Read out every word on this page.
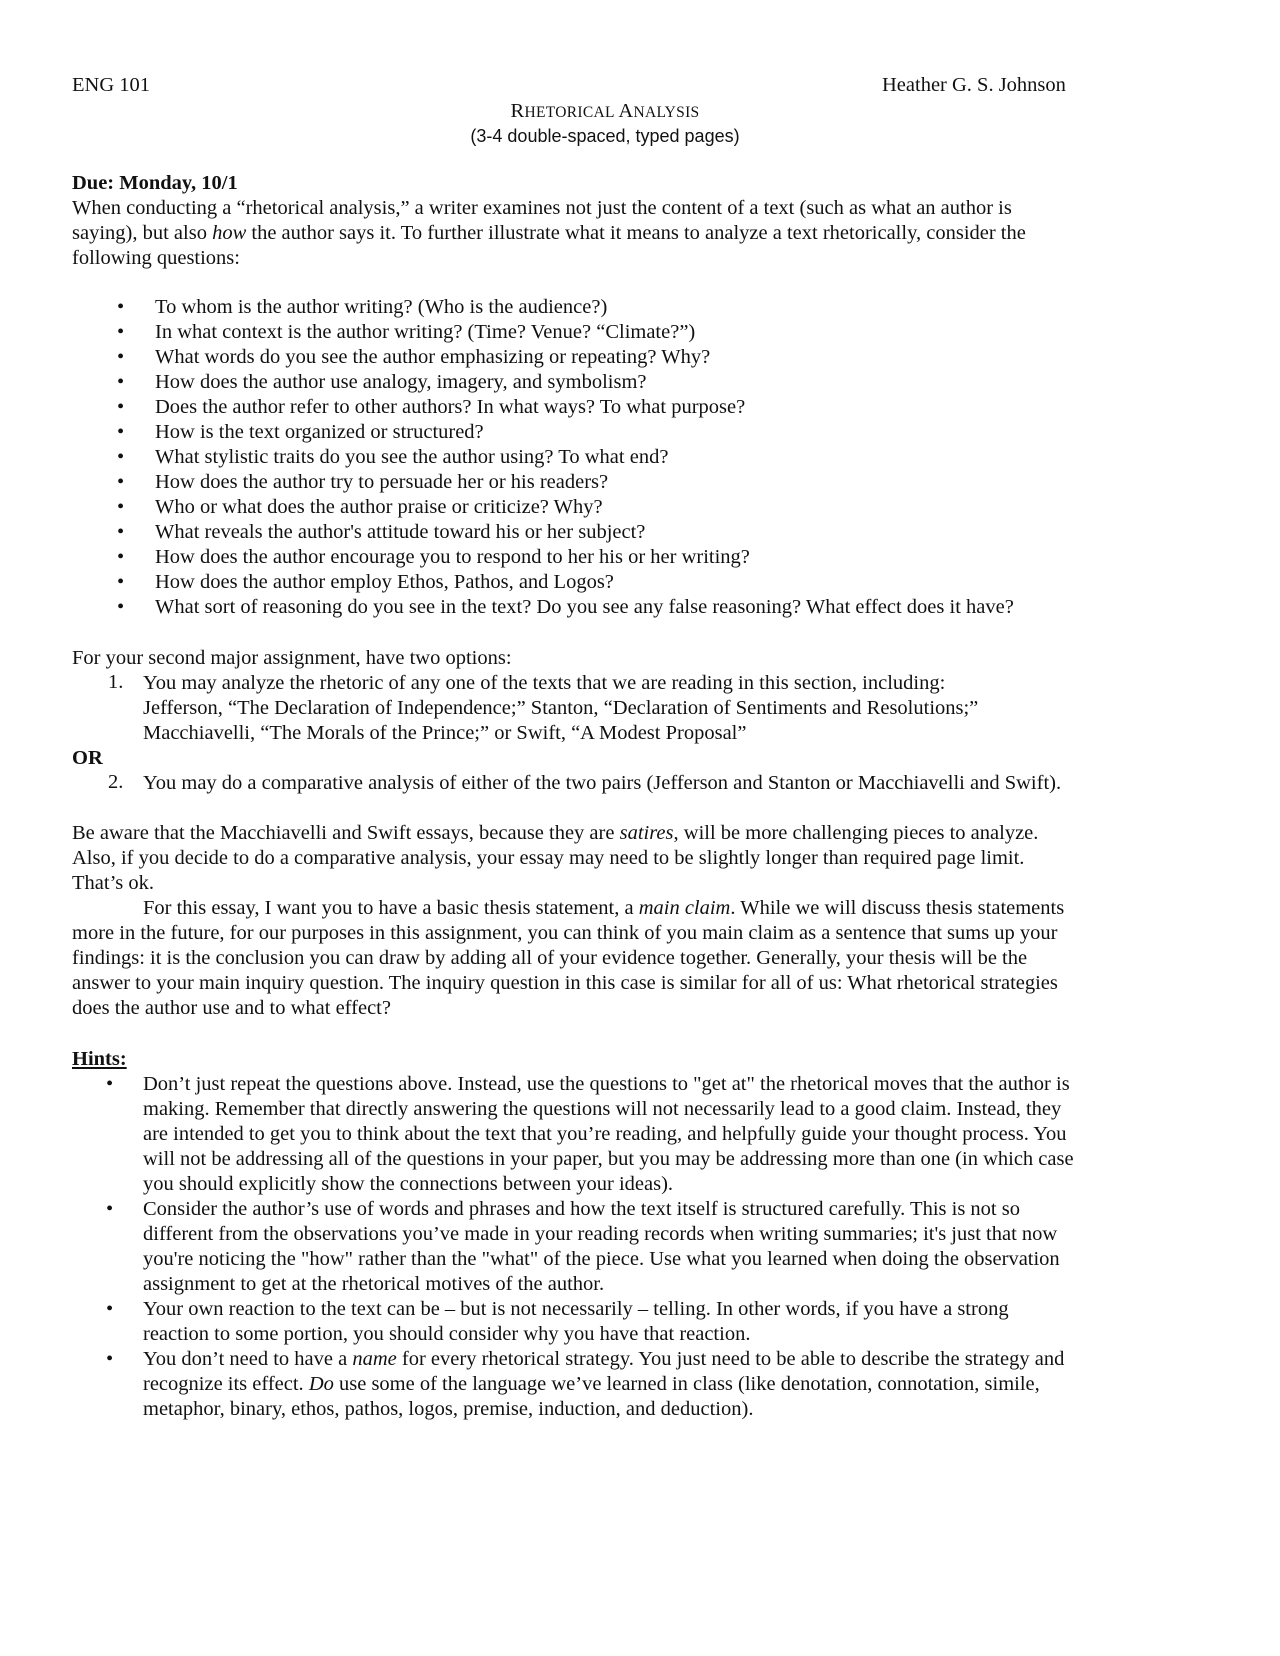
ENG 101	Heather G. S. Johnson
RHETORICAL ANALYSIS
(3-4 double-spaced, typed pages)
Due: Monday, 10/1
When conducting a “rhetorical analysis,” a writer examines not just the content of a text (such as what an author is
saying), but also how the author says it. To further illustrate what it means to analyze a text rhetorically, consider the
following questions:
•	To whom is the author writing? (Who is the audience?)
•	In what context is the author writing? (Time? Venue? “Climate?”)
•	What words do you see the author emphasizing or repeating? Why?
•	How does the author use analogy, imagery, and symbolism?
•	Does the author refer to other authors? In what ways? To what purpose?
•	How is the text organized or structured?
•	What stylistic traits do you see the author using? To what end?
•	How does the author try to persuade her or his readers?
•	Who or what does the author praise or criticize? Why?
•	What reveals the author's attitude toward his or her subject?
•	How does the author encourage you to respond to her his or her writing?
•	How does the author employ Ethos, Pathos, and Logos?
•	What sort of reasoning do you see in the text? Do you see any false reasoning? What effect does it have?
For your second major assignment, have two options:
1. You may analyze the rhetoric of any one of the texts that we are reading in this section, including:
Jefferson, “The Declaration of Independence;” Stanton, “Declaration of Sentiments and Resolutions;”
Macchiavelli, “The Morals of the Prince;” or Swift, “A Modest Proposal”
OR
2. You may do a comparative analysis of either of the two pairs (Jefferson and Stanton or Macchiavelli and Swift).
Be aware that the Macchiavelli and Swift essays, because they are satires, will be more challenging pieces to analyze.
Also, if you decide to do a comparative analysis, your essay may need to be slightly longer than required page limit.
That’s ok.
For this essay, I want you to have a basic thesis statement, a main claim. While we will discuss thesis statements
more in the future, for our purposes in this assignment, you can think of you main claim as a sentence that sums up your
findings: it is the conclusion you can draw by adding all of your evidence together. Generally, your thesis will be the
answer to your main inquiry question. The inquiry question in this case is similar for all of us: What rhetorical strategies
does the author use and to what effect?
Hints:
• Don’t just repeat the questions above. Instead, use the questions to "get at" the rhetorical moves that the author is
making. Remember that directly answering the questions will not necessarily lead to a good claim. Instead, they
are intended to get you to think about the text that you’re reading, and helpfully guide your thought process. You
will not be addressing all of the questions in your paper, but you may be addressing more than one (in which case
you should explicitly show the connections between your ideas).
• Consider the author’s use of words and phrases and how the text itself is structured carefully. This is not so
different from the observations you’ve made in your reading records when writing summaries; it's just that now
you're noticing the "how" rather than the "what" of the piece. Use what you learned when doing the observation
assignment to get at the rhetorical motives of the author.
• Your own reaction to the text can be – but is not necessarily – telling. In other words, if you have a strong
reaction to some portion, you should consider why you have that reaction.
• You don’t need to have a name for every rhetorical strategy. You just need to be able to describe the strategy and
recognize its effect. Do use some of the language we’ve learned in class (like denotation, connotation, simile,
metaphor, binary, ethos, pathos, logos, premise, induction, and deduction).
